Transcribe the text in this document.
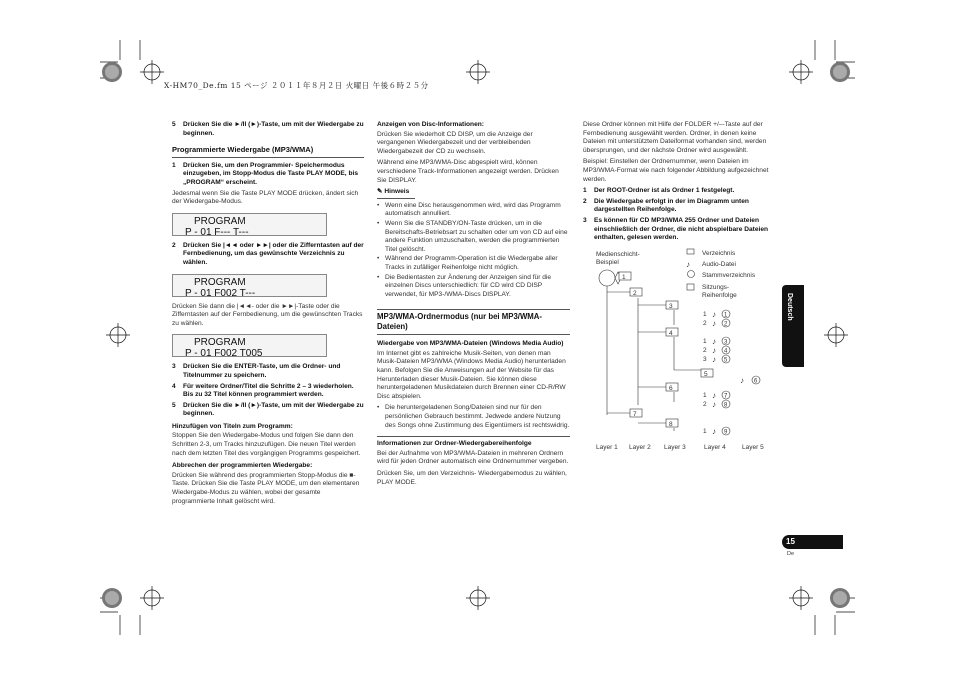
X-HM70_De.fm 15 ページ ２０１１年８月２日 火曜日 午後６時２５分
5	Drücken Sie die ►/II (►)-Taste, um mit der Wiedergabe zu beginnen.
Programmierte Wiedergabe (MP3/WMA)
1	Drücken Sie, um den Programmier- Speichermodus einzugeben, im Stopp-Modus die Taste PLAY MODE, bis „PROGRAM“ erscheint.

Jedesmal wenn Sie die Taste PLAY MODE drücken, ändert sich der Wiedergabe-Modus.

PROGRAM
P - 01 F--- T---
2	Drücken Sie |◄◄ oder ►►| oder die Zifferntasten auf der Fernbedienung, um das gewünschte Verzeichnis zu wählen.
PROGRAM
P - 01 F002 T---

Drücken Sie dann die |◄◄- oder die ►►|-Taste oder die Zifferntasten auf der Fernbedienung, um die gewünschten Tracks zu wählen.

PROGRAM
P - 01 F002 T005
3	Drücken Sie die ENTER-Taste, um die Ordner- und Titelnummer zu speichern.
4	Für weitere Ordner/Titel die Schritte 2 – 3 wiederholen. Bis zu 32 Titel können programmiert werden.
5	Drücken Sie die ►/II (►)-Taste, um mit der Wiedergabe zu beginnen.
Hinzufügen von Titeln zum Programm:

Stoppen Sie den Wiedergabe-Modus und folgen Sie dann den Schritten 2-3, um Tracks hinzuzufügen. Die neuen Titel werden nach dem letzten Titel des vorgängigen Programms gespeichert.

Abbrechen der programmierten Wiedergabe:

Drücken Sie während des programmierten Stopp-Modus die ■-Taste. Drücken Sie die Taste PLAY MODE, um den elementaren Wiedergabe-Modus zu wählen, wobei der gesamte programmierte Inhalt gelöscht wird.

Anzeigen von Disc-Informationen:

Drücken Sie wiederholt CD DISP, um die Anzeige der vergangenen Wiedergabezeit und der verbleibenden Wiedergabezeit der CD zu wechseln.

Während eine MP3/WMA-Disc abgespielt wird, können verschiedene Track-Informationen angezeigt werden. Drücken Sie DISPLAY.

✎ Hinweis
• Wenn eine Disc herausgenommen wird, wird das Programm automatisch annulliert.
• Wenn Sie die STANDBY/ON-Taste drücken, um in die Bereitschafts-Betriebsart zu schalten oder um von CD auf eine andere Funktion umzuschalten, werden die programmierten Titel gelöscht.
• Während der Programm-Operation ist die Wiedergabe aller Tracks in zufälliger Reihenfolge nicht möglich.
• Die Bedientasten zur Änderung der Anzeigen sind für die einzelnen Discs unterschiedlich: für CD wird CD DISP verwendet, für MP3-/WMA-Discs DISPLAY.
MP3/WMA-Ordnermodus (nur bei MP3/WMA-Dateien)
Wiedergabe von MP3/WMA-Dateien (Windows Media Audio)

Im Internet gibt es zahlreiche Musik-Seiten, von denen man Musik-Dateien MP3/WMA (Windows Media Audio) herunterladen kann. Befolgen Sie die Anweisungen auf der Website für das Herunterladen dieser Musik-Dateien. Sie können diese heruntergeladenen Musikdateien durch Brennen einer CD-R/RW Disc abspielen.

• Die heruntergeladenen Song/Dateien sind nur für den persönlichen Gebrauch bestimmt. Jedwede andere Nutzung des Songs ohne Zustimmung des Eigentümers ist rechtswidrig.
Informationen zur Ordner-Wiedergabereihenfolge

Bei der Aufnahme von MP3/WMA-Dateien in mehreren Ordnern wird für jeden Ordner automatisch eine Ordnernummer vergeben.

Drücken Sie, um den Verzeichnis- Wiedergabemodus zu wählen, PLAY MODE.

Diese Ordner können mit Hilfe der FOLDER +/–-Taste auf der Fernbedienung ausgewählt werden. Ordner, in denen keine Dateien mit unterstütztem Dateiformat vorhanden sind, werden übersprungen, und der nächste Ordner wird ausgewählt.

Beispiel: Einstellen der Ordnernummer, wenn Dateien im MP3/WMA-Format wie nach folgender Abbildung aufgezeichnet werden.

1	Der ROOT-Ordner ist als Ordner 1 festgelegt.
2	Die Wiedergabe erfolgt in der im Diagramm unten dargestellten Reihenfolge.
3	Es können für CD MP3/WMA 255 Ordner und Dateien einschließlich der Ordner, die nicht abspielbare Dateien enthalten, gelesen werden.
Medienschicht-
Beispiel
Verzeichnis
♪ Audio-Datei
Stammverzeichnis
Sitzungs-
Reihenfolge
1
2
3
4
5
6
7
8
1 ♪ 1
2 ♪ 2
1 ♪ 3
2 ♪ 4
3 ♪ 5
♪ 6
1 ♪ 7
2 ♪ 8
1 ♪ 9
Layer 1 Layer 2 Layer 3	Layer 4	Layer 5
Deutsch
15
De
